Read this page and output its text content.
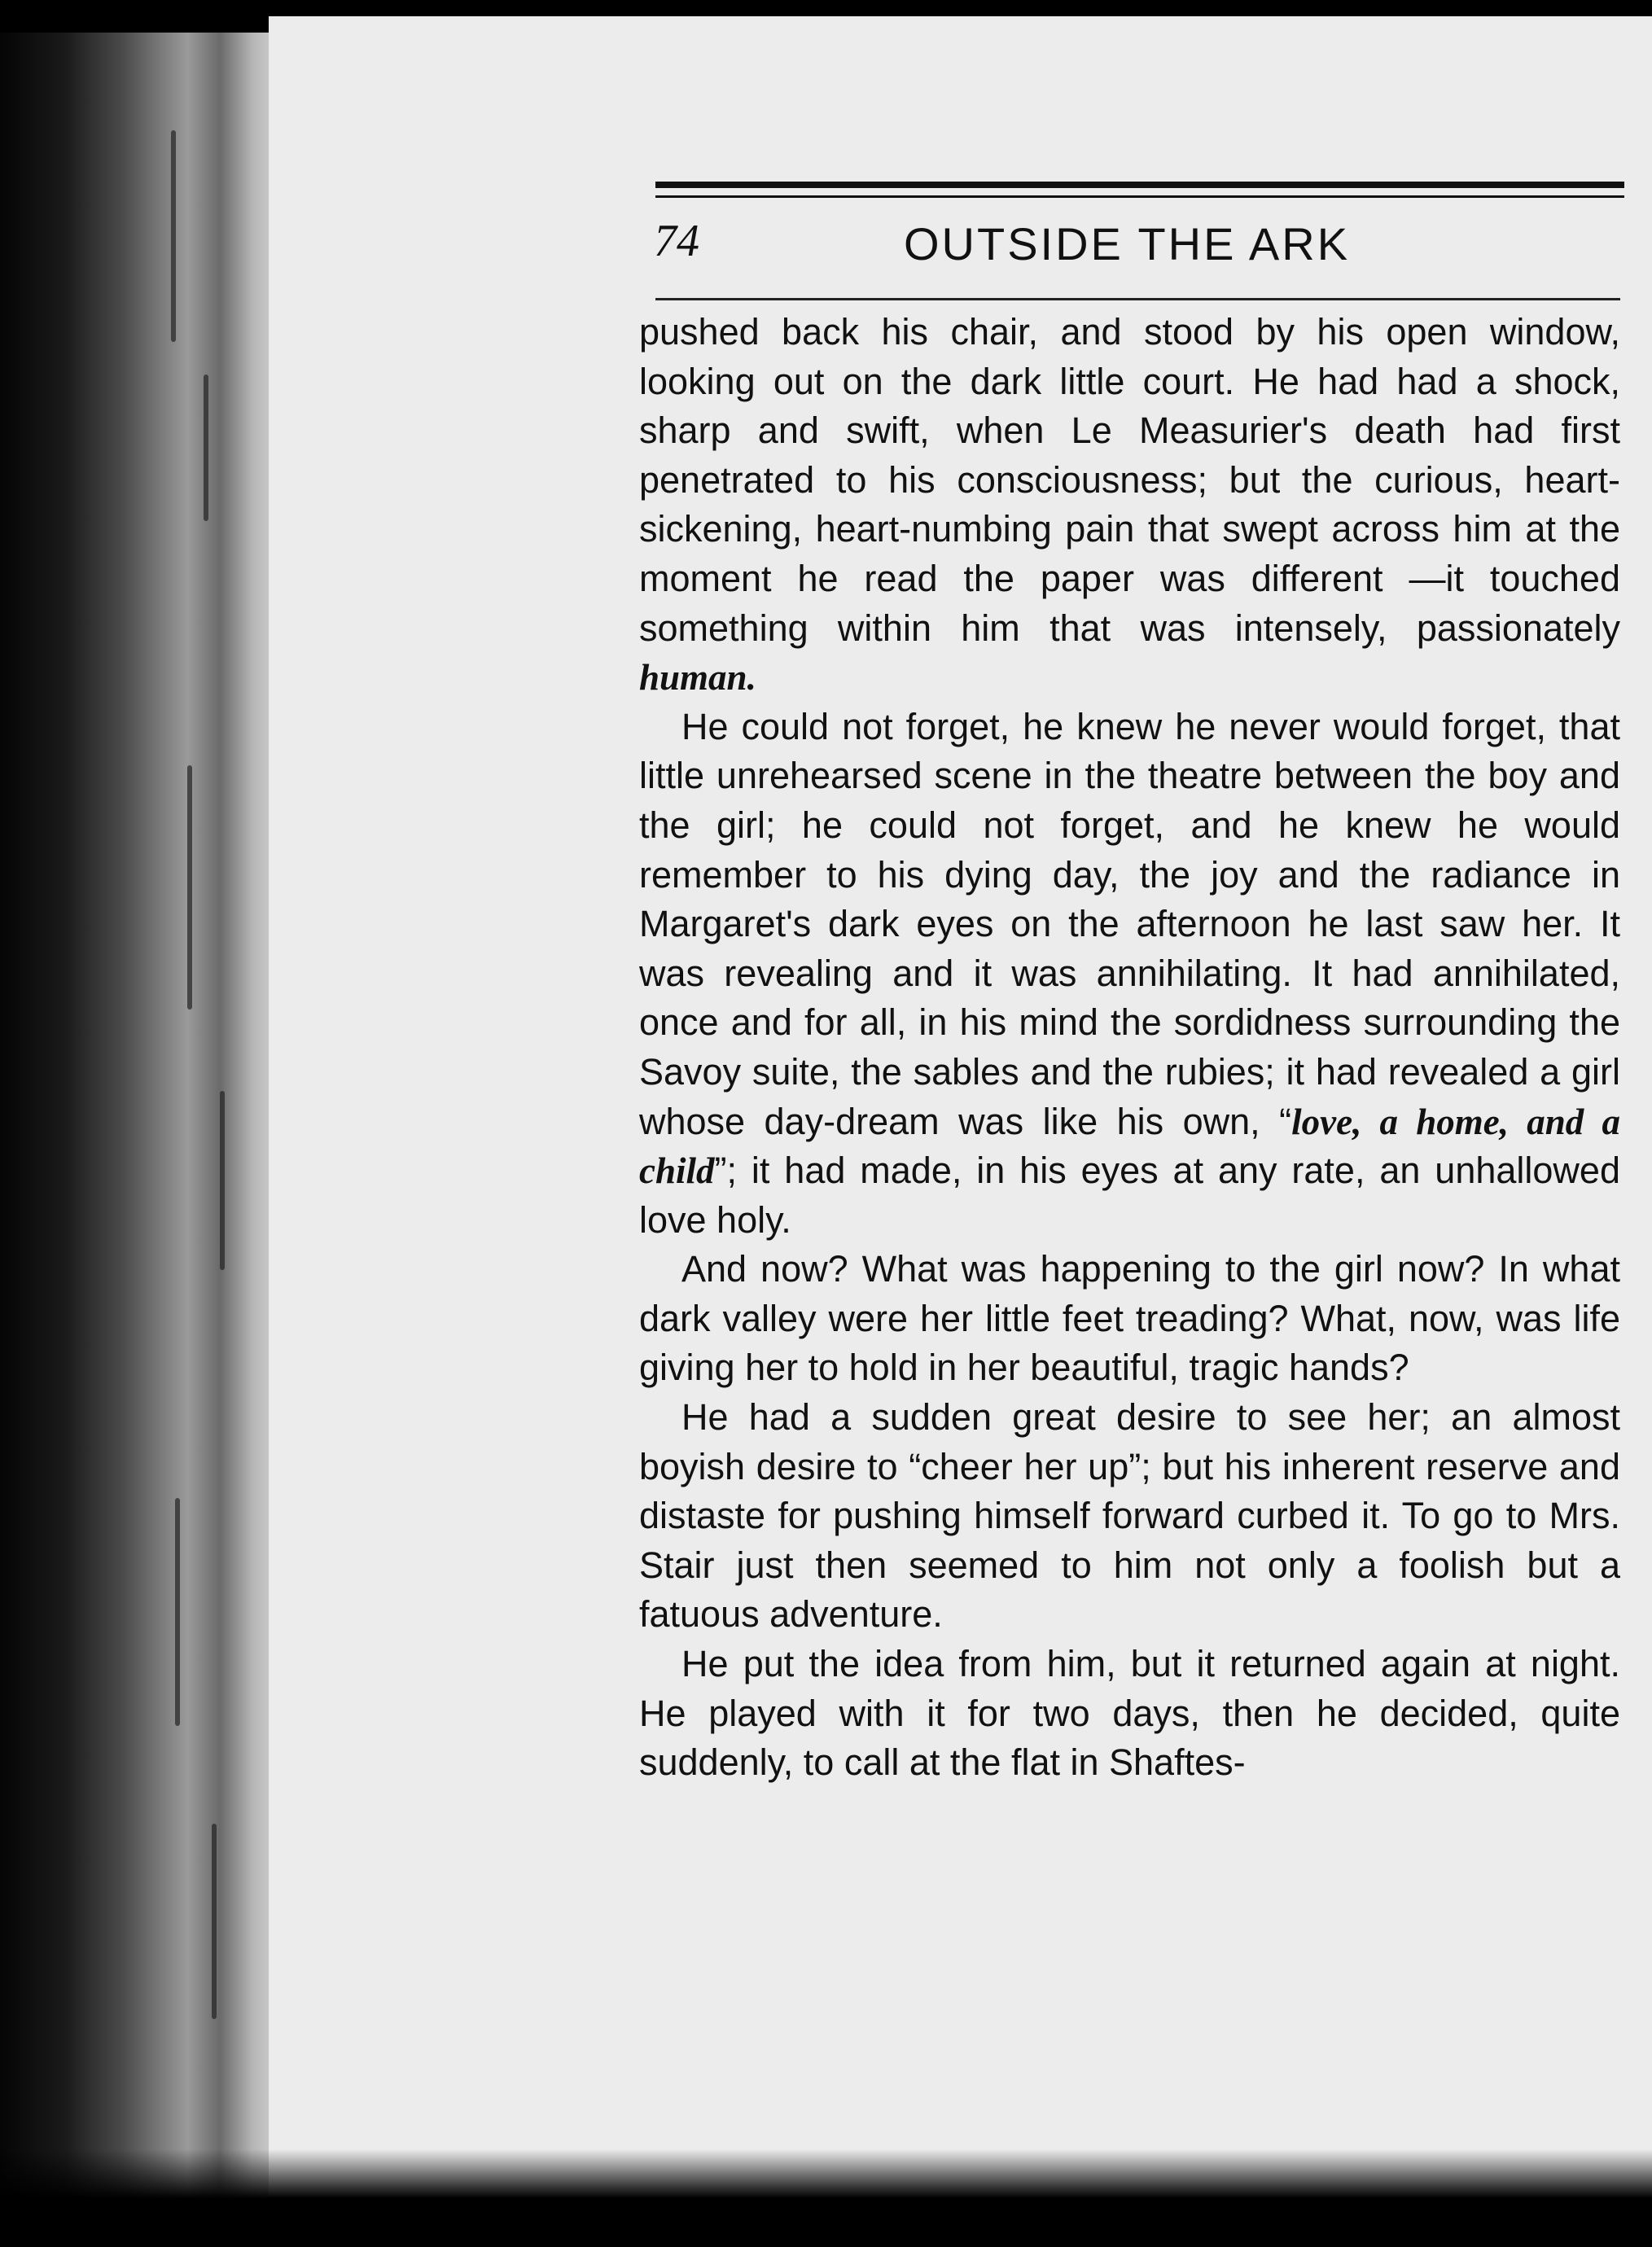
74	OUTSIDE THE ARK

pushed back his chair, and stood by his open window, looking out on the dark little court. He had had a shock, sharp and swift, when Le Measurier's death had first penetrated to his consciousness; but the curious, heart-sickening, heart-numbing pain that swept across him at the moment he read the paper was different —it touched something within him that was intensely, passionately human.

He could not forget, he knew he never would forget, that little unrehearsed scene in the theatre between the boy and the girl; he could not forget, and he knew he would remember to his dying day, the joy and the radiance in Margaret's dark eyes on the afternoon he last saw her. It was revealing and it was annihilating. It had annihilated, once and for all, in his mind the sordidness surrounding the Savoy suite, the sables and the rubies; it had revealed a girl whose day-dream was like his own, “love, a home, and a child”; it had made, in his eyes at any rate, an unhallowed love holy.

And now? What was happening to the girl now? In what dark valley were her little feet treading? What, now, was life giving her to hold in her beautiful, tragic hands?

He had a sudden great desire to see her; an almost boyish desire to “cheer her up”; but his inherent reserve and distaste for pushing himself forward curbed it. To go to Mrs. Stair just then seemed to him not only a foolish but a fatuous adventure.

He put the idea from him, but it returned again at night. He played with it for two days, then he decided, quite suddenly, to call at the flat in Shaftes-
